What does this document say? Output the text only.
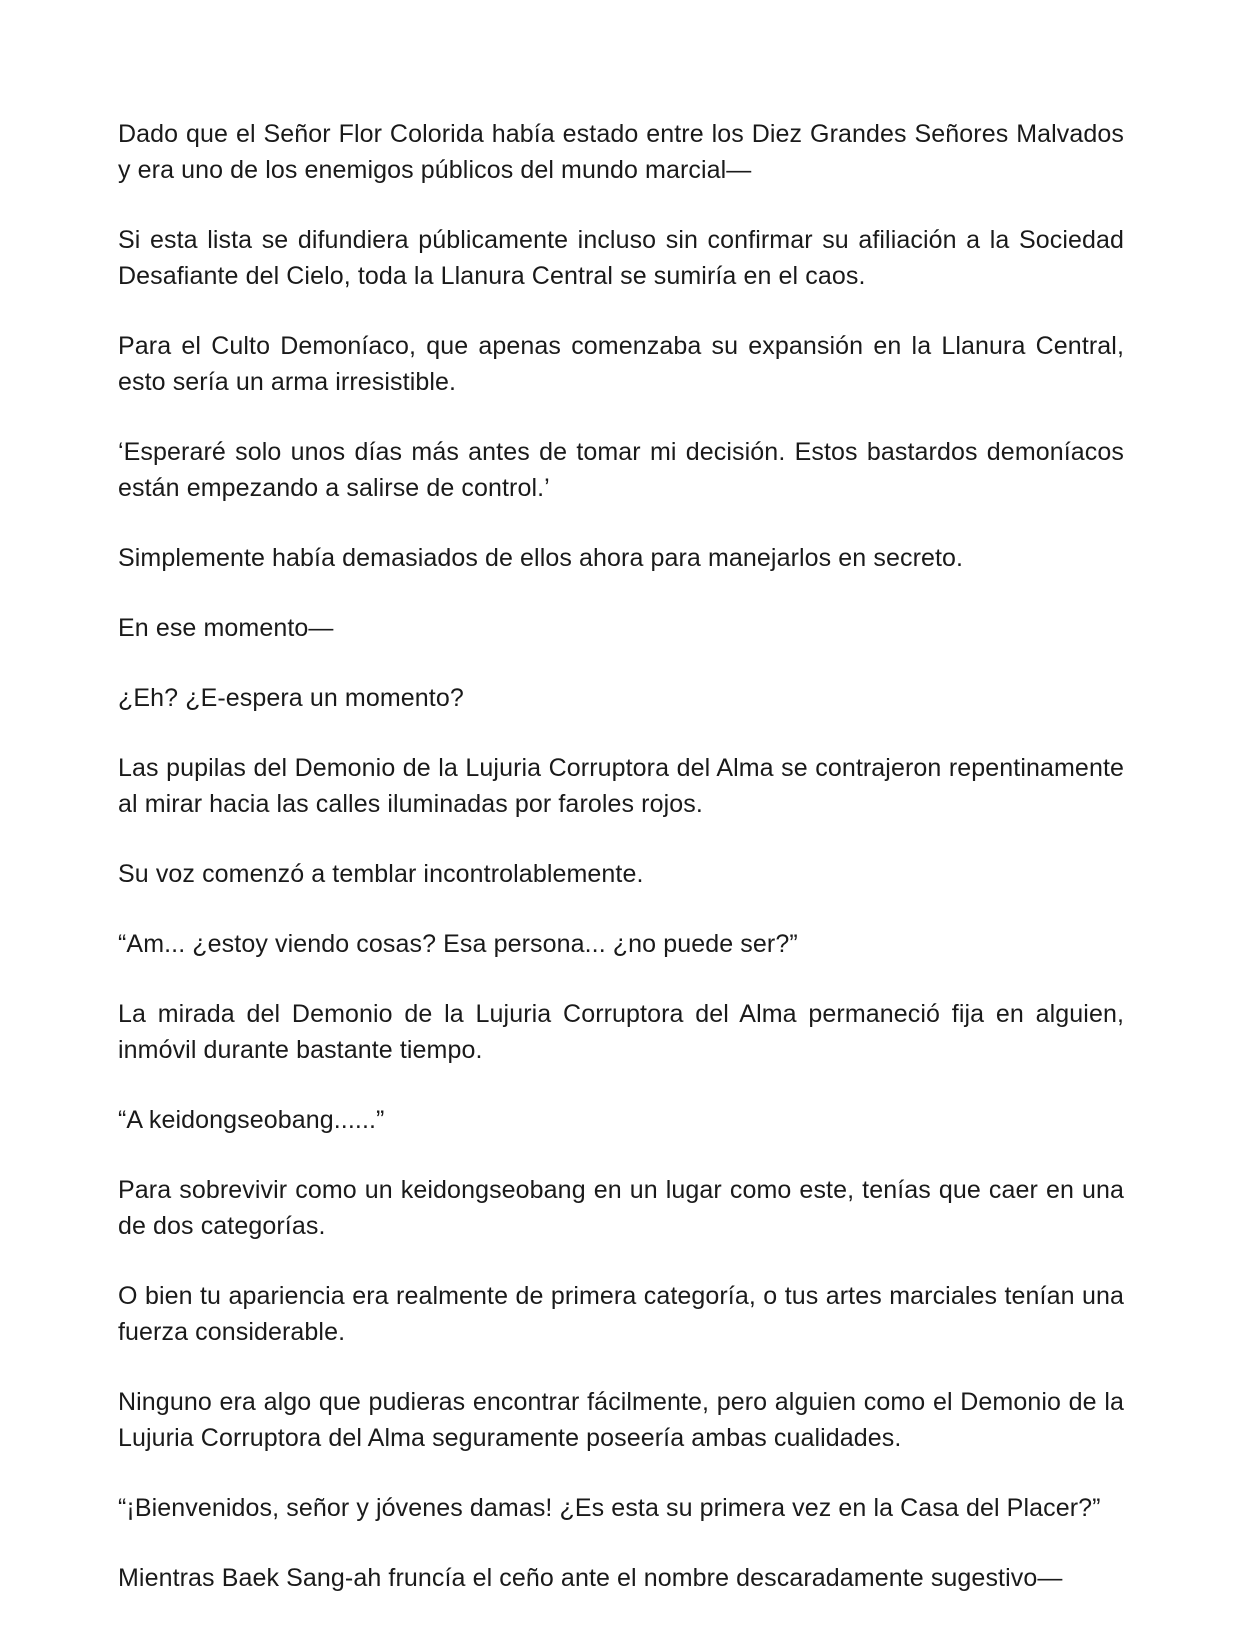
Dado que el Señor Flor Colorida había estado entre los Diez Grandes Señores Malvados y era uno de los enemigos públicos del mundo marcial—

Si esta lista se difundiera públicamente incluso sin confirmar su afiliación a la Sociedad Desafiante del Cielo, toda la Llanura Central se sumiría en el caos.

Para el Culto Demoníaco, que apenas comenzaba su expansión en la Llanura Central, esto sería un arma irresistible.

‘Esperaré solo unos días más antes de tomar mi decisión. Estos bastardos demoníacos están empezando a salirse de control.’

Simplemente había demasiados de ellos ahora para manejarlos en secreto.

En ese momento—

¿Eh? ¿E-espera un momento?

Las pupilas del Demonio de la Lujuria Corruptora del Alma se contrajeron repentinamente al mirar hacia las calles iluminadas por faroles rojos.

Su voz comenzó a temblar incontrolablemente.

“Am... ¿estoy viendo cosas? Esa persona... ¿no puede ser?”

La mirada del Demonio de la Lujuria Corruptora del Alma permaneció fija en alguien, inmóvil durante bastante tiempo.

“A keidongseobang......”

Para sobrevivir como un keidongseobang en un lugar como este, tenías que caer en una de dos categorías.

O bien tu apariencia era realmente de primera categoría, o tus artes marciales tenían una fuerza considerable.

Ninguno era algo que pudieras encontrar fácilmente, pero alguien como el Demonio de la Lujuria Corruptora del Alma seguramente poseería ambas cualidades.

“¡Bienvenidos, señor y jóvenes damas! ¿Es esta su primera vez en la Casa del Placer?”

Mientras Baek Sang-ah fruncía el ceño ante el nombre descaradamente sugestivo—
